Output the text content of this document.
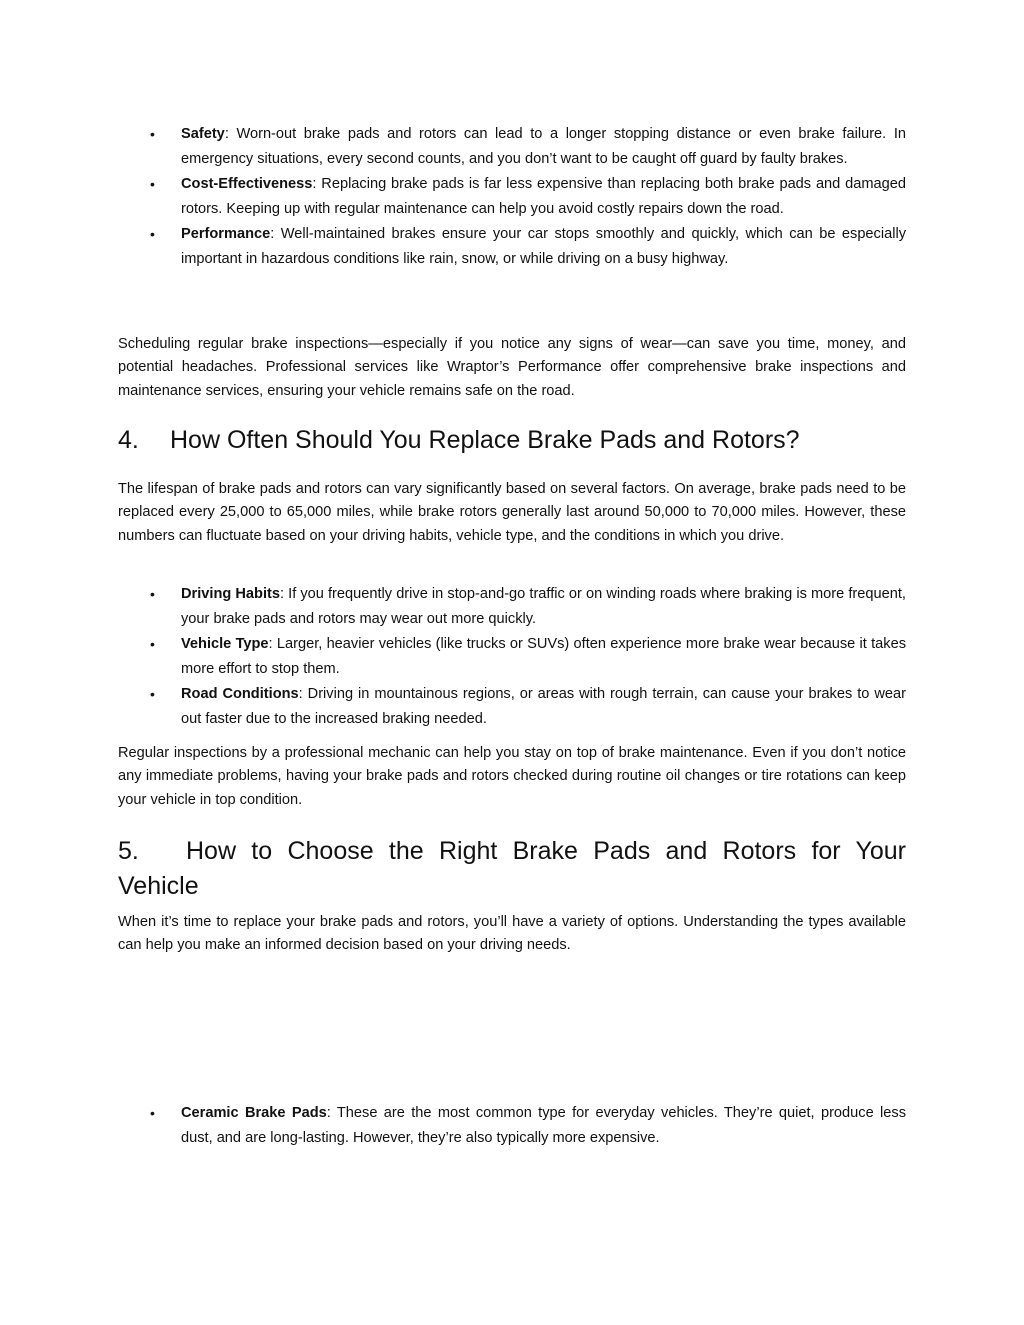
• Safety: Worn-out brake pads and rotors can lead to a longer stopping distance or even brake failure. In emergency situations, every second counts, and you don’t want to be caught off guard by faulty brakes.
• Cost-Effectiveness: Replacing brake pads is far less expensive than replacing both brake pads and damaged rotors. Keeping up with regular maintenance can help you avoid costly repairs down the road.
• Performance: Well-maintained brakes ensure your car stops smoothly and quickly, which can be especially important in hazardous conditions like rain, snow, or while driving on a busy highway.

Scheduling regular brake inspections—especially if you notice any signs of wear—can save you time, money, and potential headaches. Professional services like Wraptor’s Performance offer comprehensive brake inspections and maintenance services, ensuring your vehicle remains safe on the road.

4. How Often Should You Replace Brake Pads and Rotors?

The lifespan of brake pads and rotors can vary significantly based on several factors. On average, brake pads need to be replaced every 25,000 to 65,000 miles, while brake rotors generally last around 50,000 to 70,000 miles. However, these numbers can fluctuate based on your driving habits, vehicle type, and the conditions in which you drive.

• Driving Habits: If you frequently drive in stop-and-go traffic or on winding roads where braking is more frequent, your brake pads and rotors may wear out more quickly.
• Vehicle Type: Larger, heavier vehicles (like trucks or SUVs) often experience more brake wear because it takes more effort to stop them.
• Road Conditions: Driving in mountainous regions, or areas with rough terrain, can cause your brakes to wear out faster due to the increased braking needed.

Regular inspections by a professional mechanic can help you stay on top of brake maintenance. Even if you don’t notice any immediate problems, having your brake pads and rotors checked during routine oil changes or tire rotations can keep your vehicle in top condition.

5. How to Choose the Right Brake Pads and Rotors for Your Vehicle

When it’s time to replace your brake pads and rotors, you’ll have a variety of options. Understanding the types available can help you make an informed decision based on your driving needs.

• Ceramic Brake Pads: These are the most common type for everyday vehicles. They’re quiet, produce less dust, and are long-lasting. However, they’re also typically more expensive.
